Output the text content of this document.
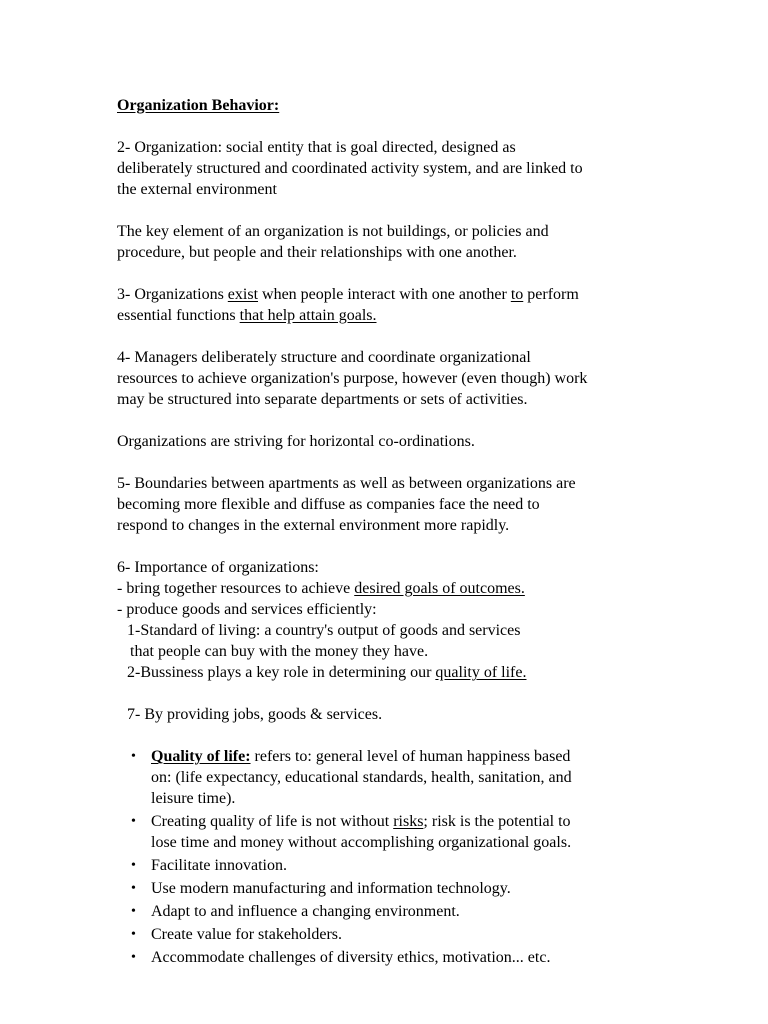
Organization Behavior:
2- Organization: social entity that is goal directed, designed as
deliberately structured and coordinated activity system, and are linked to
the external environment
The key element of an organization is not buildings, or policies and
procedure, but people and their relationships with one another.
3- Organizations exist when people interact with one another to perform
essential functions that help attain goals.
4- Managers deliberately structure and coordinate organizational
resources to achieve organization's purpose, however (even though) work
may be structured into separate departments or sets of activities.
Organizations are striving for horizontal co-ordinations.
5- Boundaries between apartments as well as between organizations are
becoming more flexible and diffuse as companies face the need to
respond to changes in the external environment more rapidly.
6- Importance of organizations:
- bring together resources to achieve desired goals of outcomes.
- produce goods and services efficiently:
1-Standard of living: a country's output of goods and services
that people can buy with the money they have.
2-Bussiness plays a key role in determining our quality of life.
7- By providing jobs, goods & services.
• Quality of life: refers to: general level of human happiness based
on: (life expectancy, educational standards, health, sanitation, and
leisure time).
• Creating quality of life is not without risks; risk is the potential to
lose time and money without accomplishing organizational goals.
• Facilitate innovation.
• Use modern manufacturing and information technology.
• Adapt to and influence a changing environment.
• Create value for stakeholders.
• Accommodate challenges of diversity ethics, motivation... etc.
